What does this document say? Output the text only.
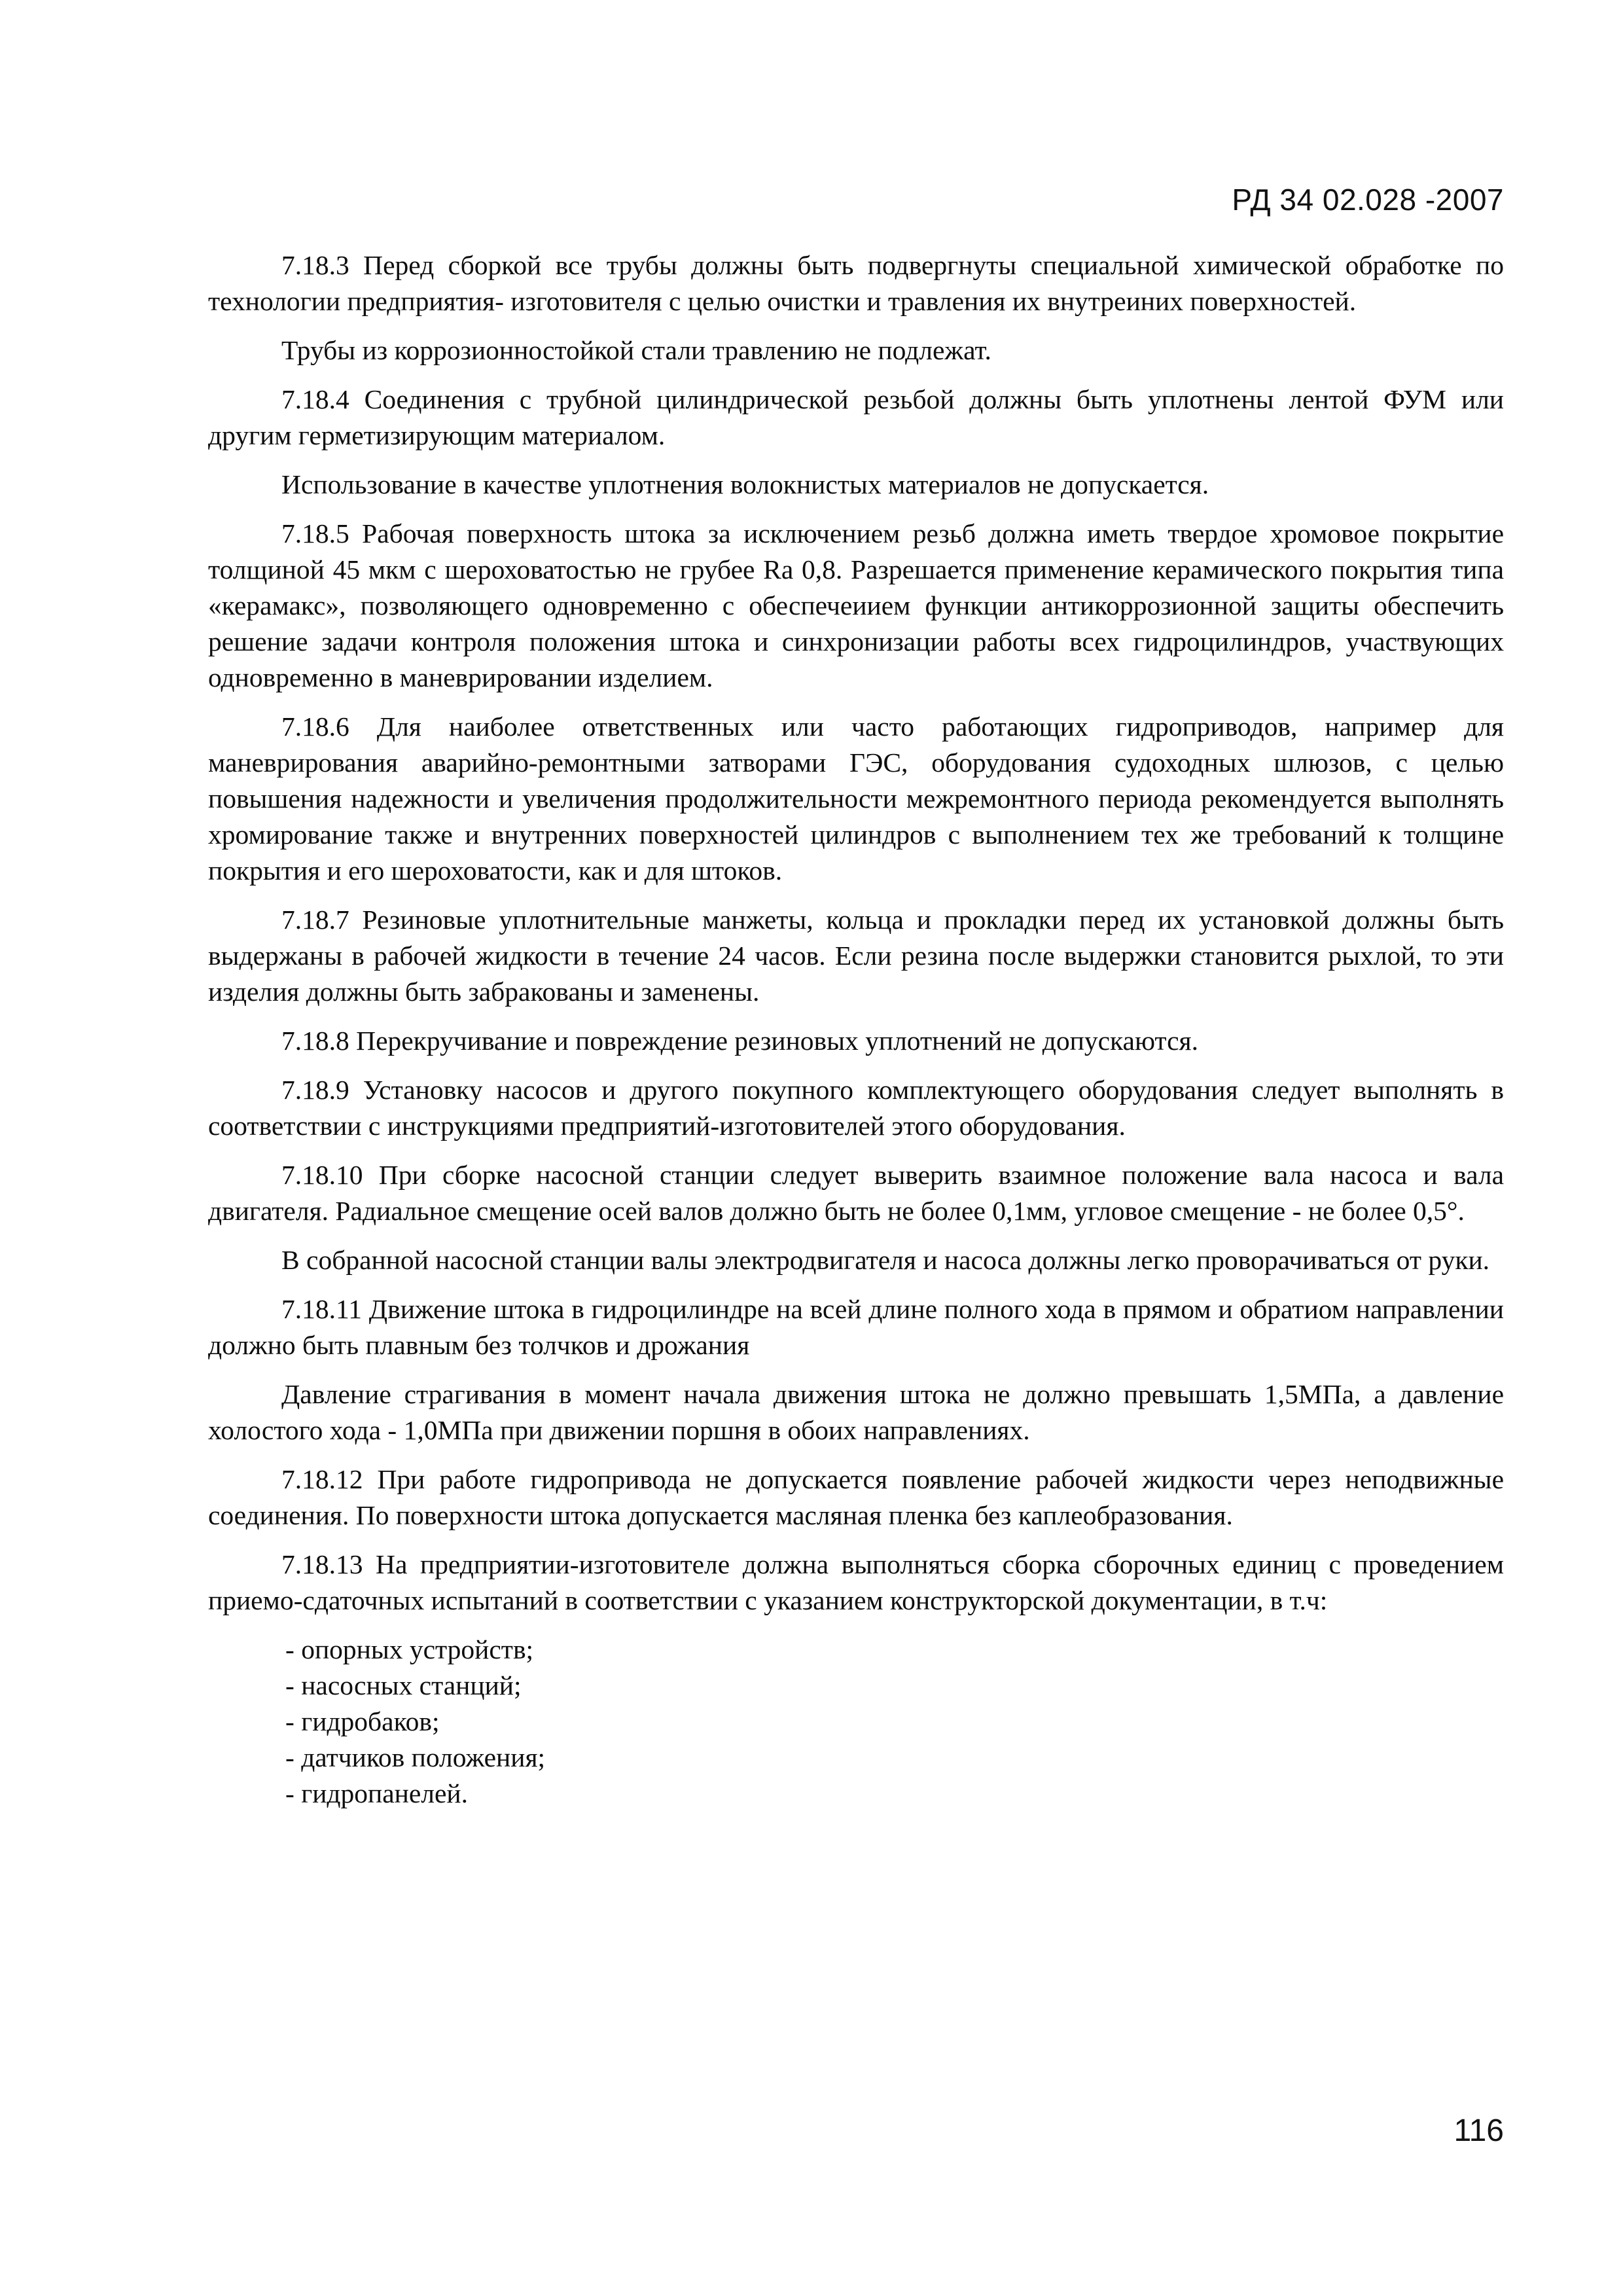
РД 34 02.028 -2007

7.18.3 Перед сборкой все трубы должны быть подвергнуты специальной химической обработке по технологии предприятия- изготовителя с целью очистки и травления их внутреиних поверхностей.

Трубы из коррозионностойкой стали травлению не подлежат.

7.18.4 Соединения с трубной цилиндрической резьбой должны быть уплотнены лентой ФУМ или другим герметизирующим материалом.

Использование в качестве уплотнения волокнистых материалов не допускается.

7.18.5 Рабочая поверхность штока за исключением резьб должна иметь твердое хромовое покрытие толщиной 45 мкм с шероховатостью не грубее Ra 0,8. Разрешается применение керамического покрытия типа «керамакс», позволяющего одновременно с обеспечеиием функции антикоррозионной защиты обеспечить решение задачи контроля положения штока и синхронизации работы всех гидроцилиндров, участвующих одновременно в маневрировании изделием.

7.18.6 Для наиболее ответственных или часто работающих гидроприводов, например для маневрирования аварийно-ремонтными затворами ГЭС, оборудования судоходных шлюзов, с целью повышения надежности и увеличения продолжительности межремонтного периода рекомендуется выполнять хромирование также и внутренних поверхностей цилиндров с выполнением тех же требований к толщине покрытия и его шероховатости, как и для штоков.

7.18.7 Резиновые уплотнительные манжеты, кольца и прокладки перед их установкой должны быть выдержаны в рабочей жидкости в течение 24 часов. Если резина после выдержки становится рыхлой, то эти изделия должны быть забракованы и заменены.

7.18.8 Перекручивание и повреждение резиновых уплотнений не допускаются.

7.18.9 Установку насосов и другого покупного комплектующего оборудования следует выполнять в соответствии с инструкциями предприятий-изготовителей этого оборудования.

7.18.10 При сборке насосной станции следует выверить взаимное положение вала насоса и вала двигателя. Радиальное смещение осей валов должно быть не более 0,1мм, угловое смещение - не более 0,5°.

В собранной насосной станции валы электродвигателя и насоса должны легко проворачиваться от руки.

7.18.11 Движение штока в гидроцилиндре на всей длине полного хода в прямом и обратиом направлении должно быть плавным без толчков и дрожания

Давление страгивания в момент начала движения штока не должно превышать 1,5МПа, а давление холостого хода - 1,0МПа при движении поршня в обоих направлениях.

7.18.12 При работе гидропривода не допускается появление рабочей жидкости через неподвижные соединения. По поверхности штока допускается масляная пленка без каплеобразования.

7.18.13 На предприятии-изготовителе должна выполняться сборка сборочных единиц с проведением приемо-сдаточных испытаний в соответствии с указанием конструкторской документации, в т.ч:

- опорных устройств;
- насосных станций;
- гидробаков;
- датчиков положения;
- гидропанелей.
116
